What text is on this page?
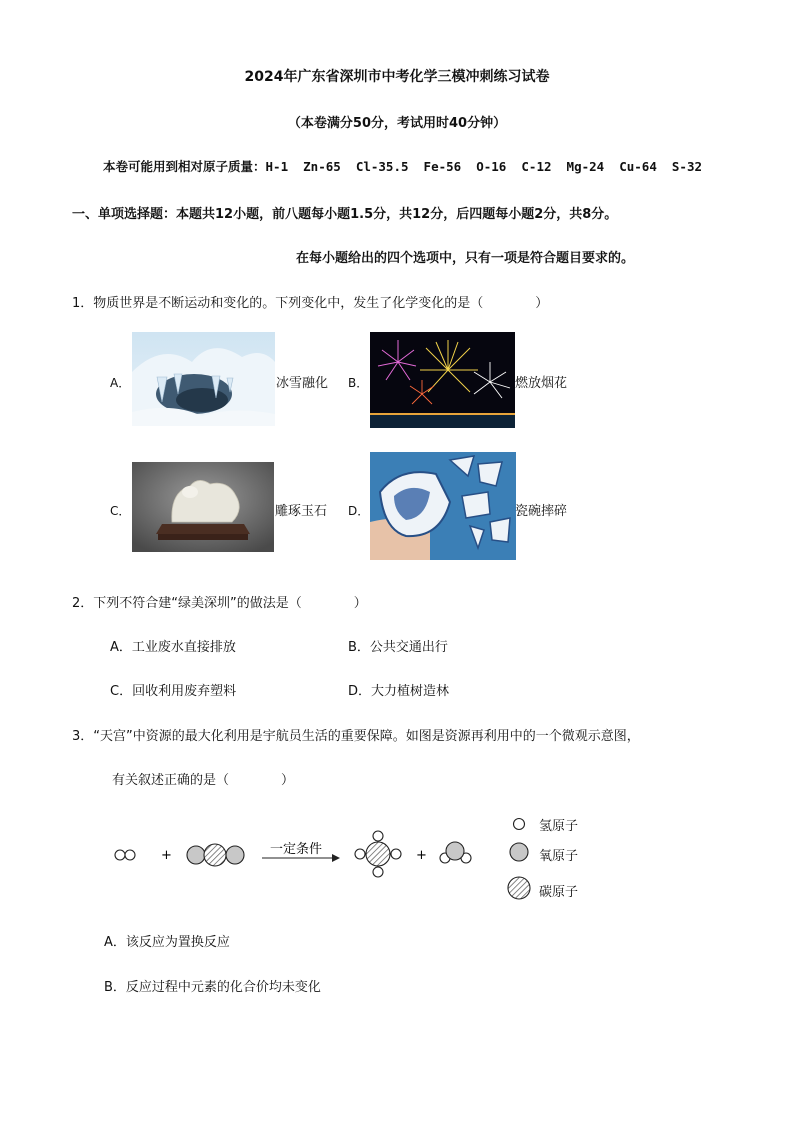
2024年广东省深圳市中考化学三模冲刺练习试卷
（本卷满分50分，考试用时40分钟）
本卷可能用到相对原子质量：H-1  Zn-65  Cl-35.5  Fe-56  O-16  C-12  Mg-24  Cu-64  S-32
一、单项选择题：本题共12小题，前八题每小题1.5分，共12分，后四题每小题2分，共8分。
在每小题给出的四个选项中，只有一项是符合题目要求的。
1．物质世界是不断运动和变化的。下列变化中，发生了化学变化的是（　　　　）
A．	冰雪融化 B．	燃放烟花
C．	雕琢玉石 D．	瓷碗摔碎
2．下列不符合建“绿美深圳”的做法是（　　　　）
A．工业废水直接排放	B．公共交通出行
C．回收利用废弃塑料	D．大力植树造林
3．“天宫”中资源的最大化利用是宇航员生活的重要保障。如图是资源再利用中的一个微观示意图，
有关叙述正确的是（　　　　）
+	一定条件	+
氢原子
氧原子
碳原子
A．该反应为置换反应
B．反应过程中元素的化合价均未变化
